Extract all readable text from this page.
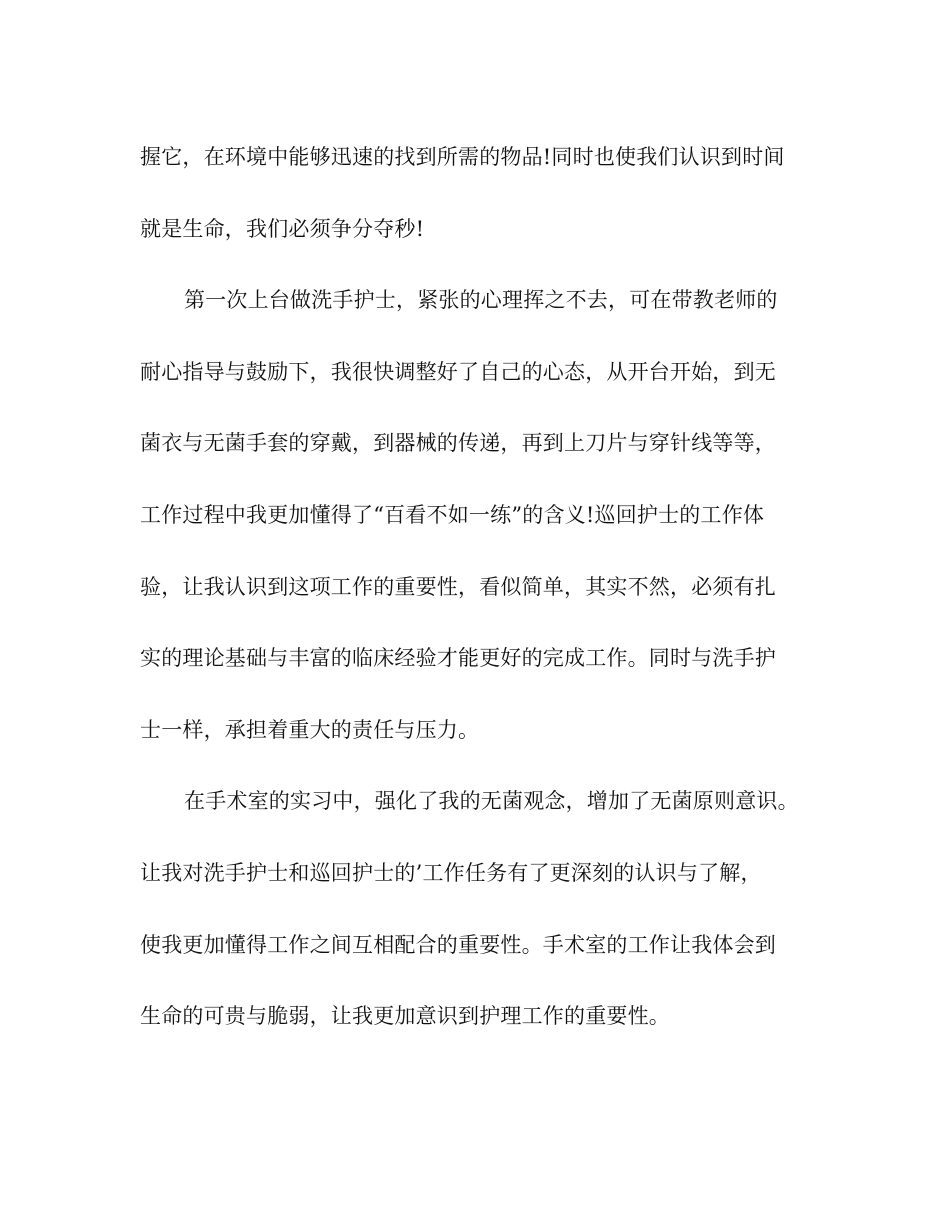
握它，在环境中能够迅速的找到所需的物品!同时也使我们认识到时间
就是生命，我们必须争分夺秒!
第一次上台做洗手护士，紧张的心理挥之不去，可在带教老师的
耐心指导与鼓励下，我很快调整好了自己的心态，从开台开始，到无
菌衣与无菌手套的穿戴，到器械的传递，再到上刀片与穿针线等等，
工作过程中我更加懂得了“百看不如一练”的含义!巡回护士的工作体
验，让我认识到这项工作的重要性，看似简单，其实不然，必须有扎
实的理论基础与丰富的临床经验才能更好的完成工作。同时与洗手护
士一样，承担着重大的责任与压力。
在手术室的实习中，强化了我的无菌观念，增加了无菌原则意识。
让我对洗手护士和巡回护士的’工作任务有了更深刻的认识与了解，
使我更加懂得工作之间互相配合的重要性。手术室的工作让我体会到
生命的可贵与脆弱，让我更加意识到护理工作的重要性。
